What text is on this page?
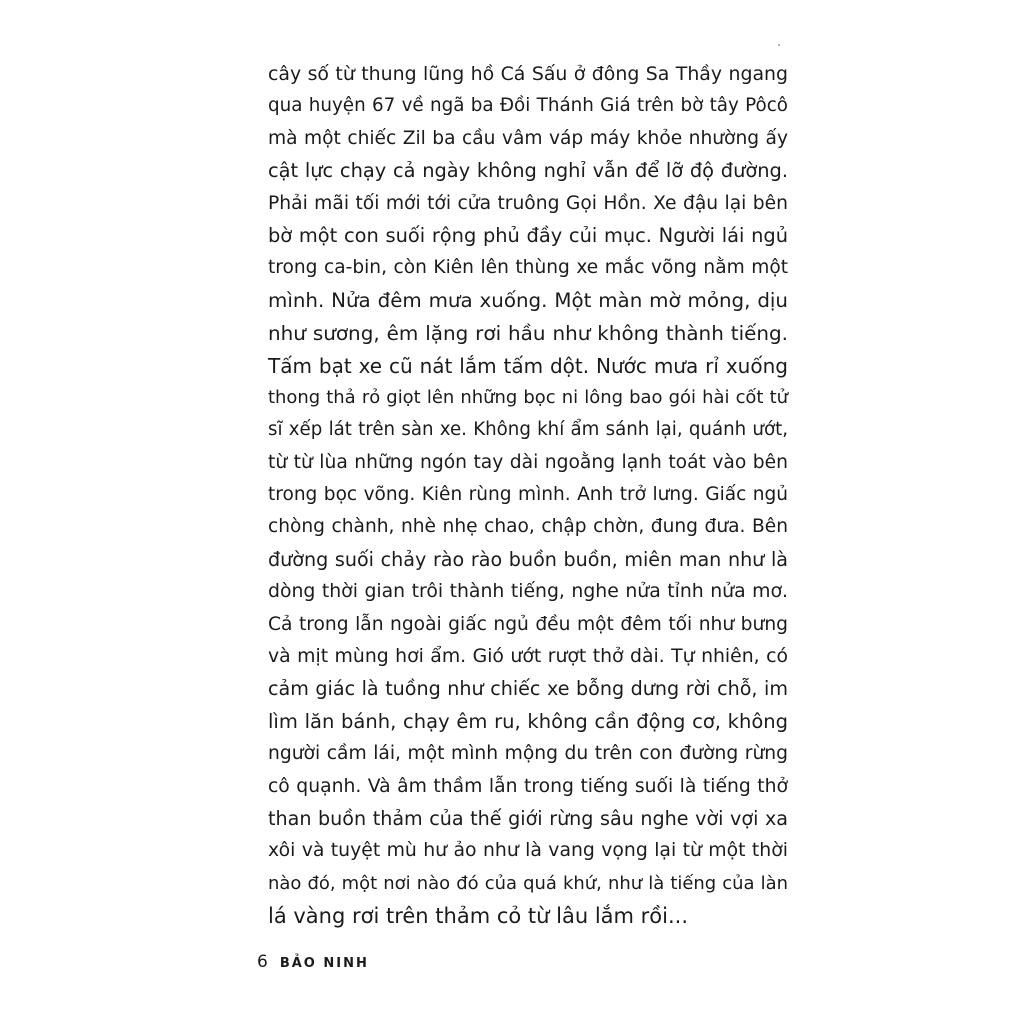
cây số từ thung lũng hồ Cá Sấu ở đông Sa Thầy ngang
qua huyện 67 về ngã ba Đồi Thánh Giá trên bờ tây Pôcô
mà một chiếc Zil ba cầu vâm váp máy khỏe nhường ấy
cật lực chạy cả ngày không nghỉ vẫn để lỡ độ đường.
Phải mãi tối mới tới cửa truông Gọi Hồn. Xe đậu lại bên
bờ một con suối rộng phủ đầy củi mục. Người lái ngủ
trong ca-bin, còn Kiên lên thùng xe mắc võng nằm một
mình. Nửa đêm mưa xuống. Một màn mờ mỏng, dịu
như sương, êm lặng rơi hầu như không thành tiếng.
Tấm bạt xe cũ nát lắm tấm dột. Nước mưa rỉ xuống
thong thả rỏ giọt lên những bọc ni lông bao gói hài cốt tử
sĩ xếp lát trên sàn xe. Không khí ẩm sánh lại, quánh ướt,
từ từ lùa những ngón tay dài ngoằng lạnh toát vào bên
trong bọc võng. Kiên rùng mình. Anh trở lưng. Giấc ngủ
chòng chành, nhè nhẹ chao, chập chờn, đung đưa. Bên
đường suối chảy rào rào buồn buồn, miên man như là
dòng thời gian trôi thành tiếng, nghe nửa tỉnh nửa mơ.
Cả trong lẫn ngoài giấc ngủ đều một đêm tối như bưng
và mịt mùng hơi ẩm. Gió ướt rượt thở dài. Tự nhiên, có
cảm giác là tuồng như chiếc xe bỗng dưng rời chỗ, im
lìm lăn bánh, chạy êm ru, không cần động cơ, không
người cầm lái, một mình mộng du trên con đường rừng
cô quạnh. Và âm thầm lẫn trong tiếng suối là tiếng thở
than buồn thảm của thế giới rừng sâu nghe vời vợi xa
xôi và tuyệt mù hư ảo như là vang vọng lại từ một thời
nào đó, một nơi nào đó của quá khứ, như là tiếng của làn
lá vàng rơi trên thảm cỏ từ lâu lắm rồi...
6 BẢO NINH
